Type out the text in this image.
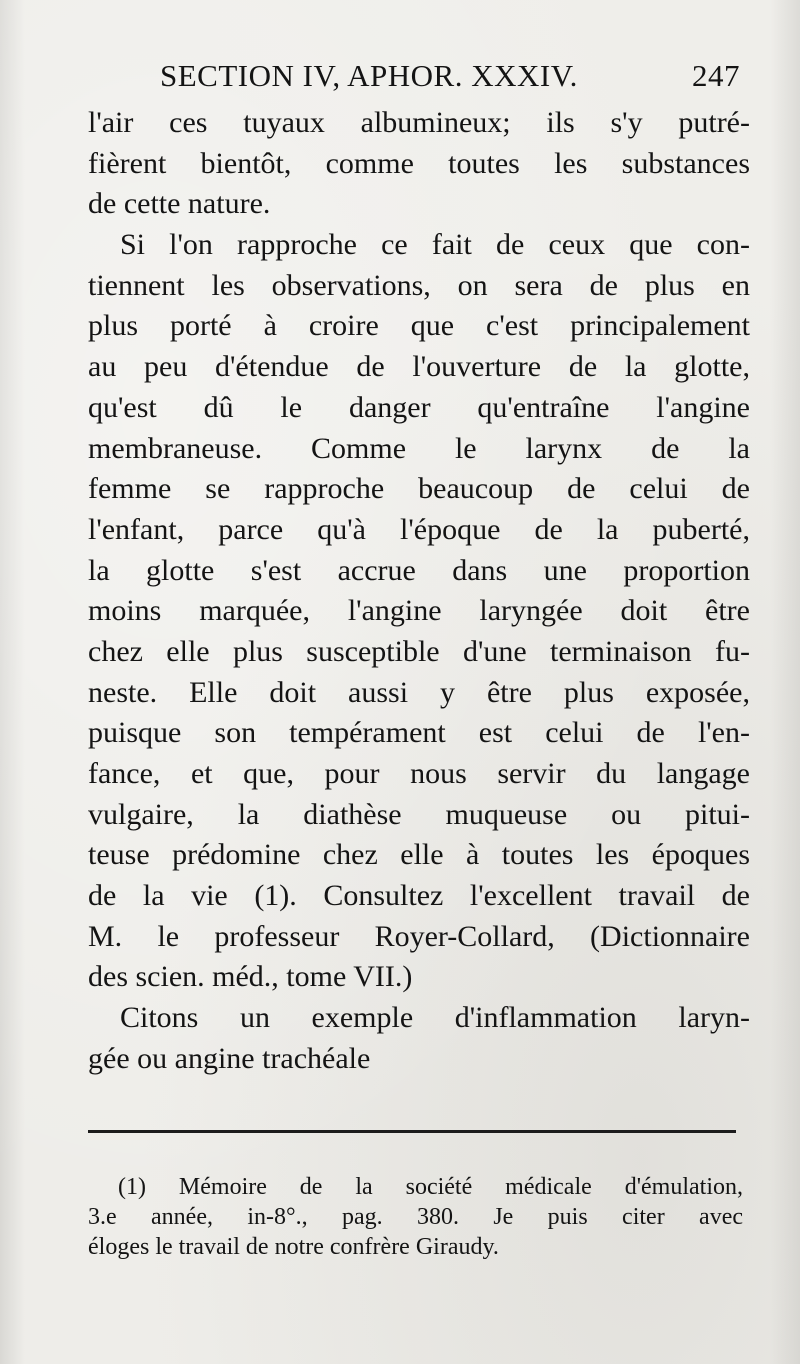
SECTION IV, APHOR. XXXIV.	247
l'air ces tuyaux albumineux; ils s'y putré-
fièrent bientôt, comme toutes les substances
de cette nature.
Si l'on rapproche ce fait de ceux que con-
tiennent les observations, on sera de plus en
plus porté à croire que c'est principalement
au peu d'étendue de l'ouverture de la glotte,
qu'est dû le danger qu'entraîne l'angine
membraneuse. Comme le larynx de la
femme se rapproche beaucoup de celui de
l'enfant, parce qu'à l'époque de la puberté,
la glotte s'est accrue dans une proportion
moins marquée, l'angine laryngée doit être
chez elle plus susceptible d'une terminaison fu-
neste. Elle doit aussi y être plus exposée,
puisque son tempérament est celui de l'en-
fance, et que, pour nous servir du langage
vulgaire, la diathèse muqueuse ou pitui-
teuse prédomine chez elle à toutes les époques
de la vie (1). Consultez l'excellent travail de
M. le professeur Royer-Collard, (Dictionnaire
des scien. méd., tome VII.)
Citons un exemple d'inflammation laryn-
gée ou angine trachéale
(1) Mémoire de la société médicale d'émulation,
3.e année, in-8°., pag. 380. Je puis citer avec
éloges le travail de notre confrère Giraudy.
